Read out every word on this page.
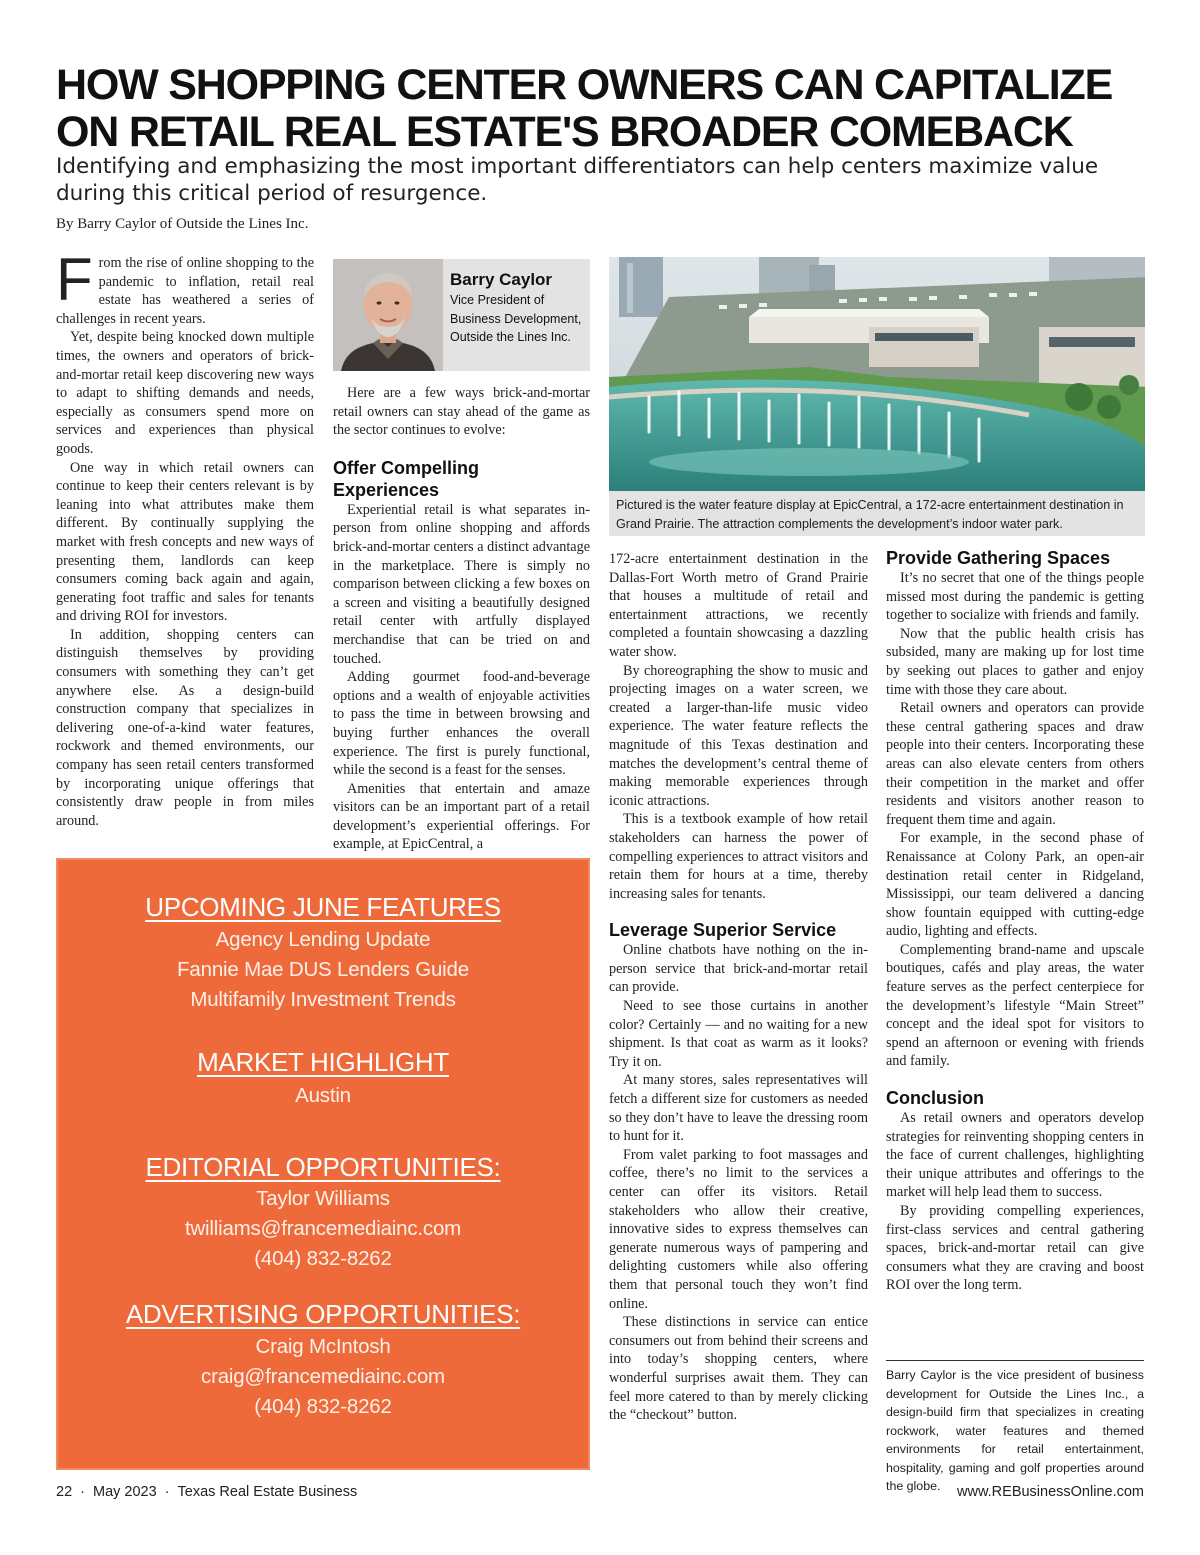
HOW SHOPPING CENTER OWNERS CAN CAPITALIZE
ON RETAIL REAL ESTATE'S BROADER COMEBACK

Identifying and emphasizing the most important differentiators can help centers maximize value during this critical period of resurgence.

By Barry Caylor of Outside the Lines Inc.

From the rise of online shopping to the pandemic to inflation, retail real estate has weathered a series of challenges in recent years.

Yet, despite being knocked down multiple times, the owners and operators of brick-and-mortar retail keep discovering new ways to adapt to shifting demands and needs, especially as consumers spend more on services and experiences than physical goods.

One way in which retail owners can continue to keep their centers relevant is by leaning into what attributes make them different. By continually supplying the market with fresh concepts and new ways of presenting them, landlords can keep consumers coming back again and again, generating foot traffic and sales for tenants and driving ROI for investors.

In addition, shopping centers can distinguish themselves by providing consumers with something they can’t get anywhere else. As a design-build construction company that specializes in delivering one-of-a-kind water features, rockwork and themed environments, our company has seen retail centers transformed by incorporating unique offerings that consistently draw people in from miles around.

Barry Caylor
Vice President of
Business Development,
Outside the Lines Inc.

Here are a few ways brick-and-mortar retail owners can stay ahead of the game as the sector continues to evolve:

Offer Compelling Experiences

Experiential retail is what separates in-person from online shopping and affords brick-and-mortar centers a distinct advantage in the marketplace. There is simply no comparison between clicking a few boxes on a screen and visiting a beautifully designed retail center with artfully displayed merchandise that can be tried on and touched.

Adding gourmet food-and-beverage options and a wealth of enjoyable activities to pass the time in between browsing and buying further enhances the overall experience. The first is purely functional, while the second is a feast for the senses.

Amenities that entertain and amaze visitors can be an important part of a retail development’s experiential offerings. For example, at EpicCentral, a

Pictured is the water feature display at EpicCentral, a 172-acre entertainment destination in Grand Prairie. The attraction complements the development’s indoor water park.

172-acre entertainment destination in the Dallas-Fort Worth metro of Grand Prairie that houses a multitude of retail and entertainment attractions, we recently completed a fountain showcasing a dazzling water show.

By choreographing the show to music and projecting images on a water screen, we created a larger-than-life music video experience. The water feature reflects the magnitude of this Texas destination and matches the development’s central theme of making memorable experiences through iconic attractions.

This is a textbook example of how retail stakeholders can harness the power of compelling experiences to attract visitors and retain them for hours at a time, thereby increasing sales for tenants.

Leverage Superior Service

Online chatbots have nothing on the in-person service that brick-and-mortar retail can provide.

Need to see those curtains in another color? Certainly — and no waiting for a new shipment. Is that coat as warm as it looks? Try it on.

At many stores, sales representatives will fetch a different size for customers as needed so they don’t have to leave the dressing room to hunt for it.

From valet parking to foot massages and coffee, there’s no limit to the services a center can offer its visitors. Retail stakeholders who allow their creative, innovative sides to express themselves can generate numerous ways of pampering and delighting customers while also offering them that personal touch they won’t find online.

These distinctions in service can entice consumers out from behind their screens and into today’s shopping centers, where wonderful surprises await them. They can feel more catered to than by merely clicking the “checkout” button.

Provide Gathering Spaces

It’s no secret that one of the things people missed most during the pandemic is getting together to socialize with friends and family.

Now that the public health crisis has subsided, many are making up for lost time by seeking out places to gather and enjoy time with those they care about.

Retail owners and operators can provide these central gathering spaces and draw people into their centers. Incorporating these areas can also elevate centers from others their competition in the market and offer residents and visitors another reason to frequent them time and again.

For example, in the second phase of Renaissance at Colony Park, an open-air destination retail center in Ridgeland, Mississippi, our team delivered a dancing show fountain equipped with cutting-edge audio, lighting and effects.

Complementing brand-name and upscale boutiques, cafés and play areas, the water feature serves as the perfect centerpiece for the development’s lifestyle “Main Street” concept and the ideal spot for visitors to spend an afternoon or evening with friends and family.

Conclusion

As retail owners and operators develop strategies for reinventing shopping centers in the face of current challenges, highlighting their unique attributes and offerings to the market will help lead them to success.

By providing compelling experiences, first-class services and central gathering spaces, brick-and-mortar retail can give consumers what they are craving and boost ROI over the long term.

Barry Caylor is the vice president of business development for Outside the Lines Inc., a design-build firm that specializes in creating rockwork, water features and themed environments for retail entertainment, hospitality, gaming and golf properties around the globe.
UPCOMING JUNE FEATURES
Agency Lending Update
Fannie Mae DUS Lenders Guide
Multifamily Investment Trends
MARKET HIGHLIGHT
Austin
EDITORIAL OPPORTUNITIES:
Taylor Williams
twilliams@francemediainc.com
(404) 832-8262
ADVERTISING OPPORTUNITIES:
Craig McIntosh
craig@francemediainc.com
(404) 832-8262
22 · May 2023 · Texas Real Estate Business	www.REBusinessOnline.com
